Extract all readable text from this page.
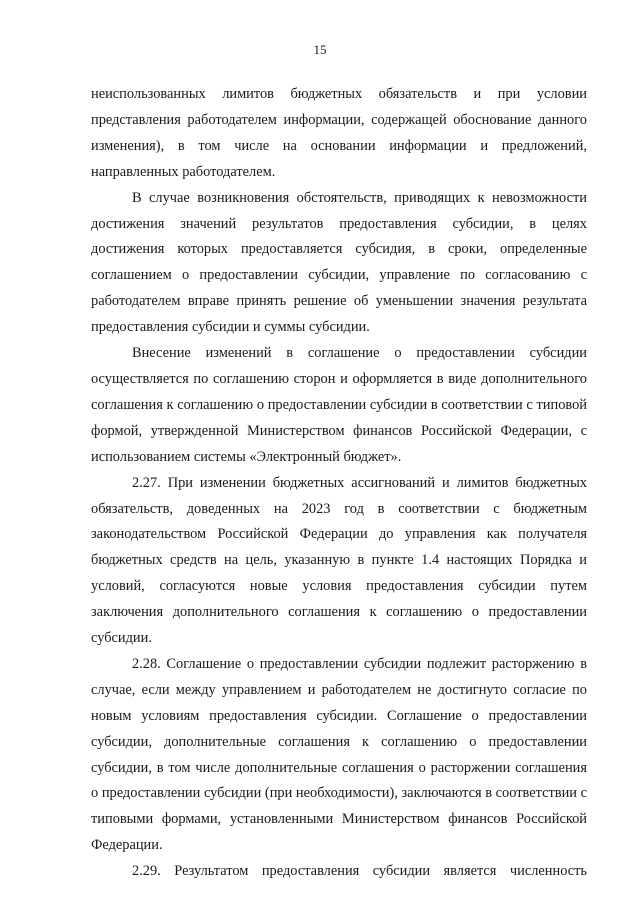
15

неиспользованных лимитов бюджетных обязательств и при условии представления работодателем информации, содержащей обоснование данного изменения), в том числе на основании информации и предложений, направленных работодателем.

В случае возникновения обстоятельств, приводящих к невозможности достижения значений результатов предоставления субсидии, в целях достижения которых предоставляется субсидия, в сроки, определенные соглашением о предоставлении субсидии, управление по согласованию с работодателем вправе принять решение об уменьшении значения результата предоставления субсидии и суммы субсидии.

Внесение изменений в соглашение о предоставлении субсидии осуществляется по соглашению сторон и оформляется в виде дополнительного соглашения к соглашению о предоставлении субсидии в соответствии с типовой формой, утвержденной Министерством финансов Российской Федерации, с использованием системы «Электронный бюджет».

2.27. При изменении бюджетных ассигнований и лимитов бюджетных обязательств, доведенных на 2023 год в соответствии с бюджетным законодательством Российской Федерации до управления как получателя бюджетных средств на цель, указанную в пункте 1.4 настоящих Порядка и условий, согласуются новые условия предоставления субсидии путем заключения дополнительного соглашения к соглашению о предоставлении субсидии.

2.28. Соглашение о предоставлении субсидии подлежит расторжению в случае, если между управлением и работодателем не достигнуто согласие по новым условиям предоставления субсидии. Соглашение о предоставлении субсидии, дополнительные соглашения к соглашению о предоставлении субсидии, в том числе дополнительные соглашения о расторжении соглашения о предоставлении субсидии (при необходимости), заключаются в соответствии с типовыми формами, установленными Министерством финансов Российской Федерации.

2.29. Результатом предоставления субсидии является численность
